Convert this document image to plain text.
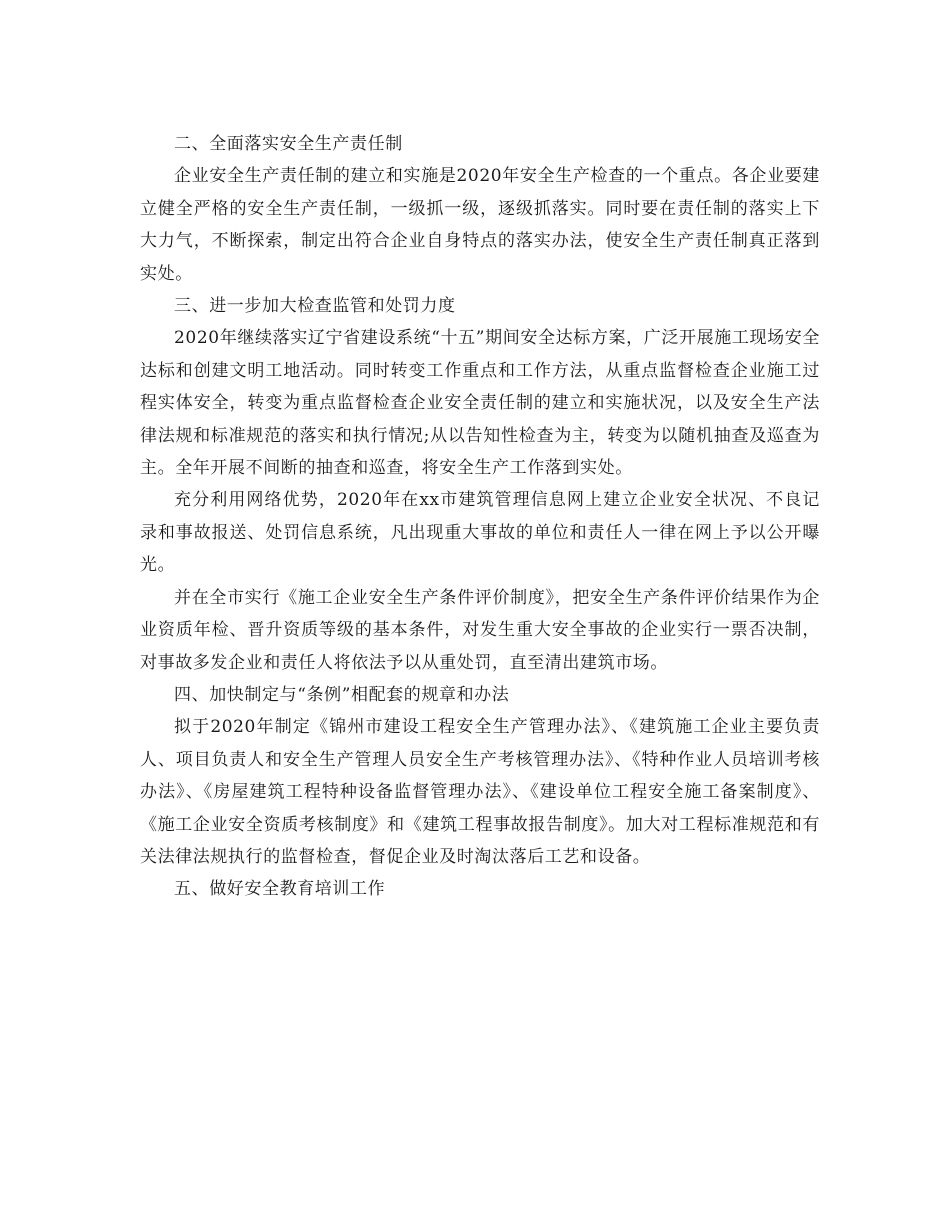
二、全面落实安全生产责任制

企业安全生产责任制的建立和实施是2020年安全生产检查的一个重点。各企业要建立健全严格的安全生产责任制，一级抓一级，逐级抓落实。同时要在责任制的落实上下大力气，不断探索，制定出符合企业自身特点的落实办法，使安全生产责任制真正落到实处。

三、进一步加大检查监管和处罚力度

2020年继续落实辽宁省建设系统“十五”期间安全达标方案，广泛开展施工现场安全达标和创建文明工地活动。同时转变工作重点和工作方法，从重点监督检查企业施工过程实体安全，转变为重点监督检查企业安全责任制的建立和实施状况，以及安全生产法律法规和标准规范的落实和执行情况;从以告知性检查为主，转变为以随机抽查及巡查为主。全年开展不间断的抽查和巡查，将安全生产工作落到实处。

充分利用网络优势，2020年在xx市建筑管理信息网上建立企业安全状况、不良记录和事故报送、处罚信息系统，凡出现重大事故的单位和责任人一律在网上予以公开曝光。

并在全市实行《施工企业安全生产条件评价制度》，把安全生产条件评价结果作为企业资质年检、晋升资质等级的基本条件，对发生重大安全事故的企业实行一票否决制，对事故多发企业和责任人将依法予以从重处罚，直至清出建筑市场。

四、加快制定与“条例”相配套的规章和办法

拟于2020年制定《锦州市建设工程安全生产管理办法》、《建筑施工企业主要负责人、项目负责人和安全生产管理人员安全生产考核管理办法》、《特种作业人员培训考核办法》、《房屋建筑工程特种设备监督管理办法》、《建设单位工程安全施工备案制度》、《施工企业安全资质考核制度》和《建筑工程事故报告制度》。加大对工程标准规范和有关法律法规执行的监督检查，督促企业及时淘汰落后工艺和设备。

五、做好安全教育培训工作
